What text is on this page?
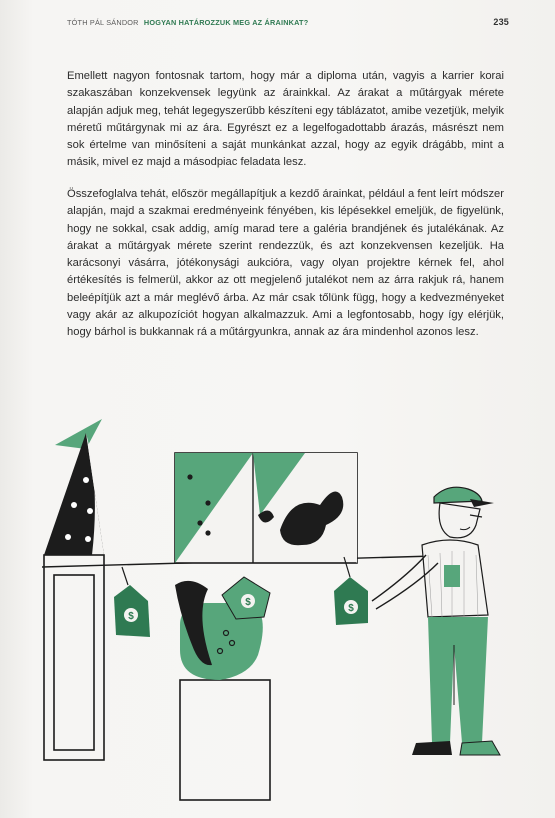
TÓTH PÁL SÁNDOR HOGYAN HATÁROZZUK MEG AZ ÁRAINKAT?	235
Emellett nagyon fontosnak tartom, hogy már a diploma után, vagyis a karrier korai szakaszában konzekvensek legyünk az árainkkal. Az árakat a műtárgyak mérete alapján adjuk meg, tehát legegyszerűbb készíteni egy táblázatot, amibe vezetjük, melyik méretű műtárgynak mi az ára. Egyrészt ez a legelfogadottabb árazás, másrészt nem sok értelme van minősíteni a saját munkánkat azzal, hogy az egyik drágább, mint a másik, mivel ez majd a másodpiac feladata lesz.
Összefoglalva tehát, először megállapítjuk a kezdő árainkat, például a fent leírt módszer alapján, majd a szakmai eredményeink fényében, kis lépésekkel emeljük, de figyelünk, hogy ne sokkal, csak addig, amíg marad tere a galéria brandjének és jutalékának. Az árakat a műtárgyak mérete szerint rendezzük, és azt konzekvensen kezeljük. Ha karácsonyi vásárra, jótékonysági aukcióra, vagy olyan projektre kérnek fel, ahol értékesítés is felmerül, akkor az ott megjelenő jutalékot nem az árra rakjuk rá, hanem beleépítjük azt a már meglévő árba. Az már csak tőlünk függ, hogy a kedvezményeket vagy akár az alkupozíciót hogyan alkalmazzuk. Ami a legfontosabb, hogy így elérjük, hogy bárhol is bukkannak rá a műtárgyunkra, annak az ára mindenhol azonos lesz.
$
$
$
